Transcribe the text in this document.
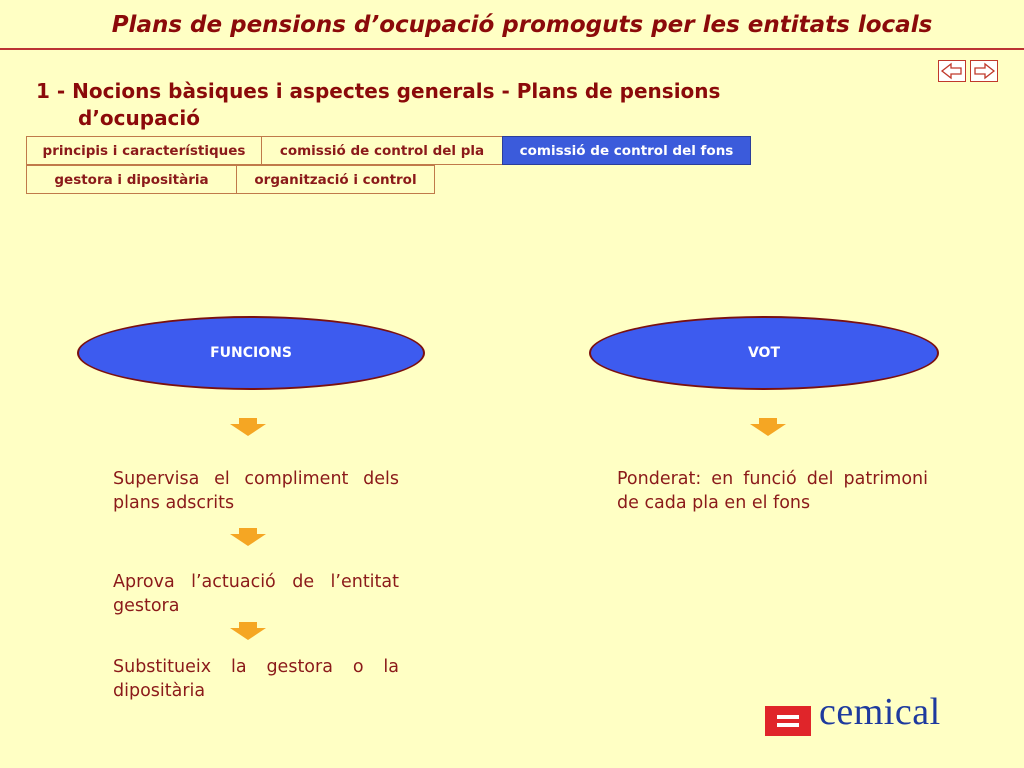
Plans de pensions d’ocupació promoguts per les entitats locals
1 - Nocions bàsiques i aspectes generals - Plans de pensions d’ocupació
principis i característiques	comissió de control del pla	comissió de control del fons
gestora i dipositària	organització i control
FUNCIONS	VOT
Supervisa el compliment dels plans adscrits
Aprova l’actuació de l’entitat gestora
Substitueix la gestora o la dipositària
Ponderat: en funció del patrimoni de cada pla en el fons
cemical
